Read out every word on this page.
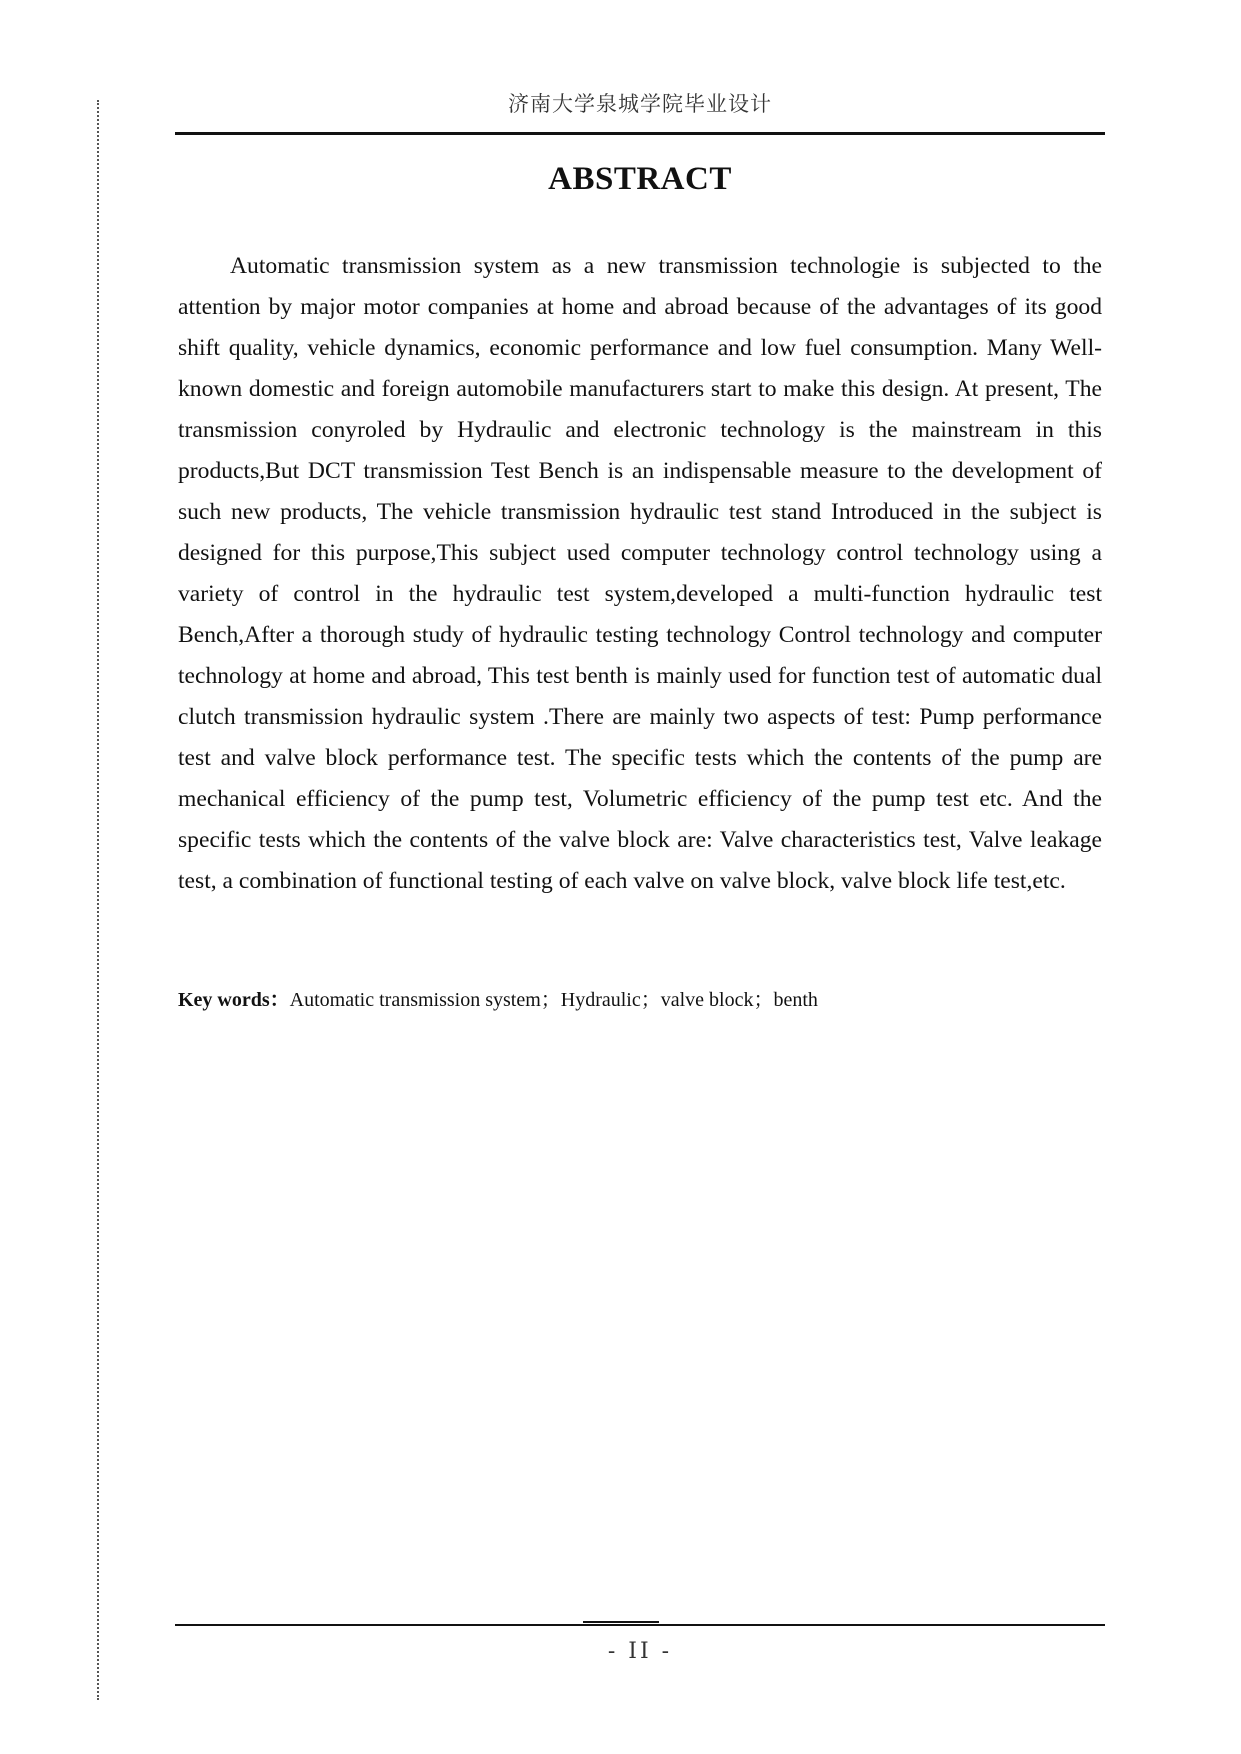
济南大学泉城学院毕业设计
ABSTRACT

Automatic transmission system as a new transmission technologie is subjected to the attention by major motor companies at home and abroad because of the advantages of its good shift quality, vehicle dynamics, economic performance and low fuel consumption. Many Well-known domestic and foreign automobile manufacturers start to make this design. At present, The transmission conyroled by Hydraulic and electronic technology is the mainstream in this products,But DCT transmission Test Bench is an indispensable measure to the development of such new products, The vehicle transmission hydraulic test stand Introduced in the subject is designed for this purpose,This subject used computer technology control technology using a variety of control in the hydraulic test system,developed a multi-function hydraulic test Bench,After a thorough study of hydraulic testing technology Control technology and computer technology at home and abroad, This test benth is mainly used for function test of automatic dual clutch transmission hydraulic system .There are mainly two aspects of test: Pump performance test and valve block performance test. The specific tests which the contents of the pump are mechanical efficiency of the pump test, Volumetric efficiency of the pump test etc. And the specific tests which the contents of the valve block are: Valve characteristics test, Valve leakage test, a combination of functional testing of each valve on valve block, valve block life test,etc.

Key words：Automatic transmission system；Hydraulic；valve block；benth
- II -
